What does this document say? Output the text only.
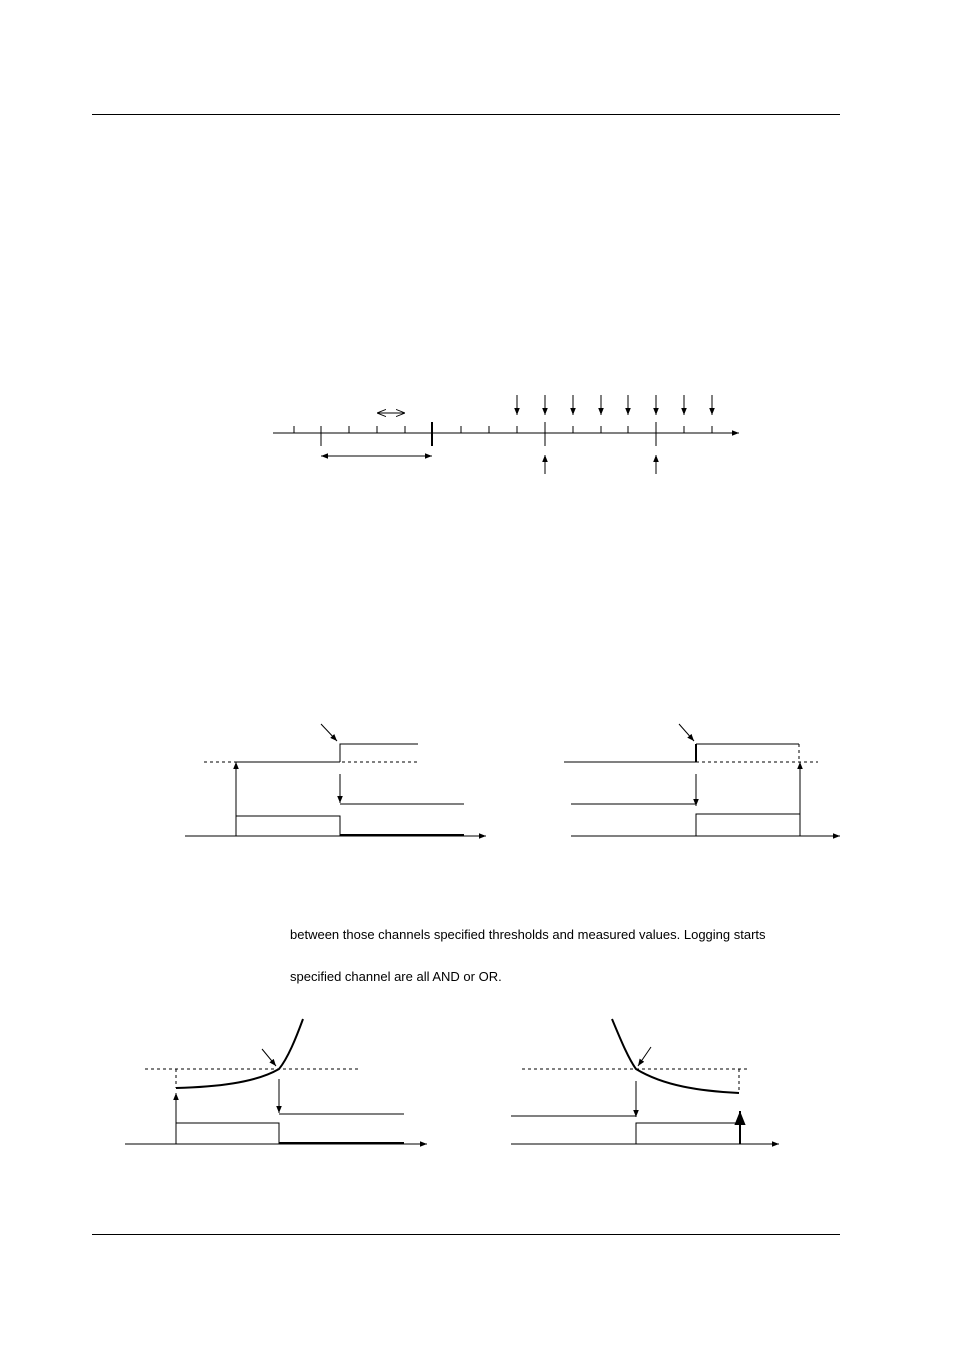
between those channels specified thresholds and measured values. Logging starts
specified channel are all AND or OR.
